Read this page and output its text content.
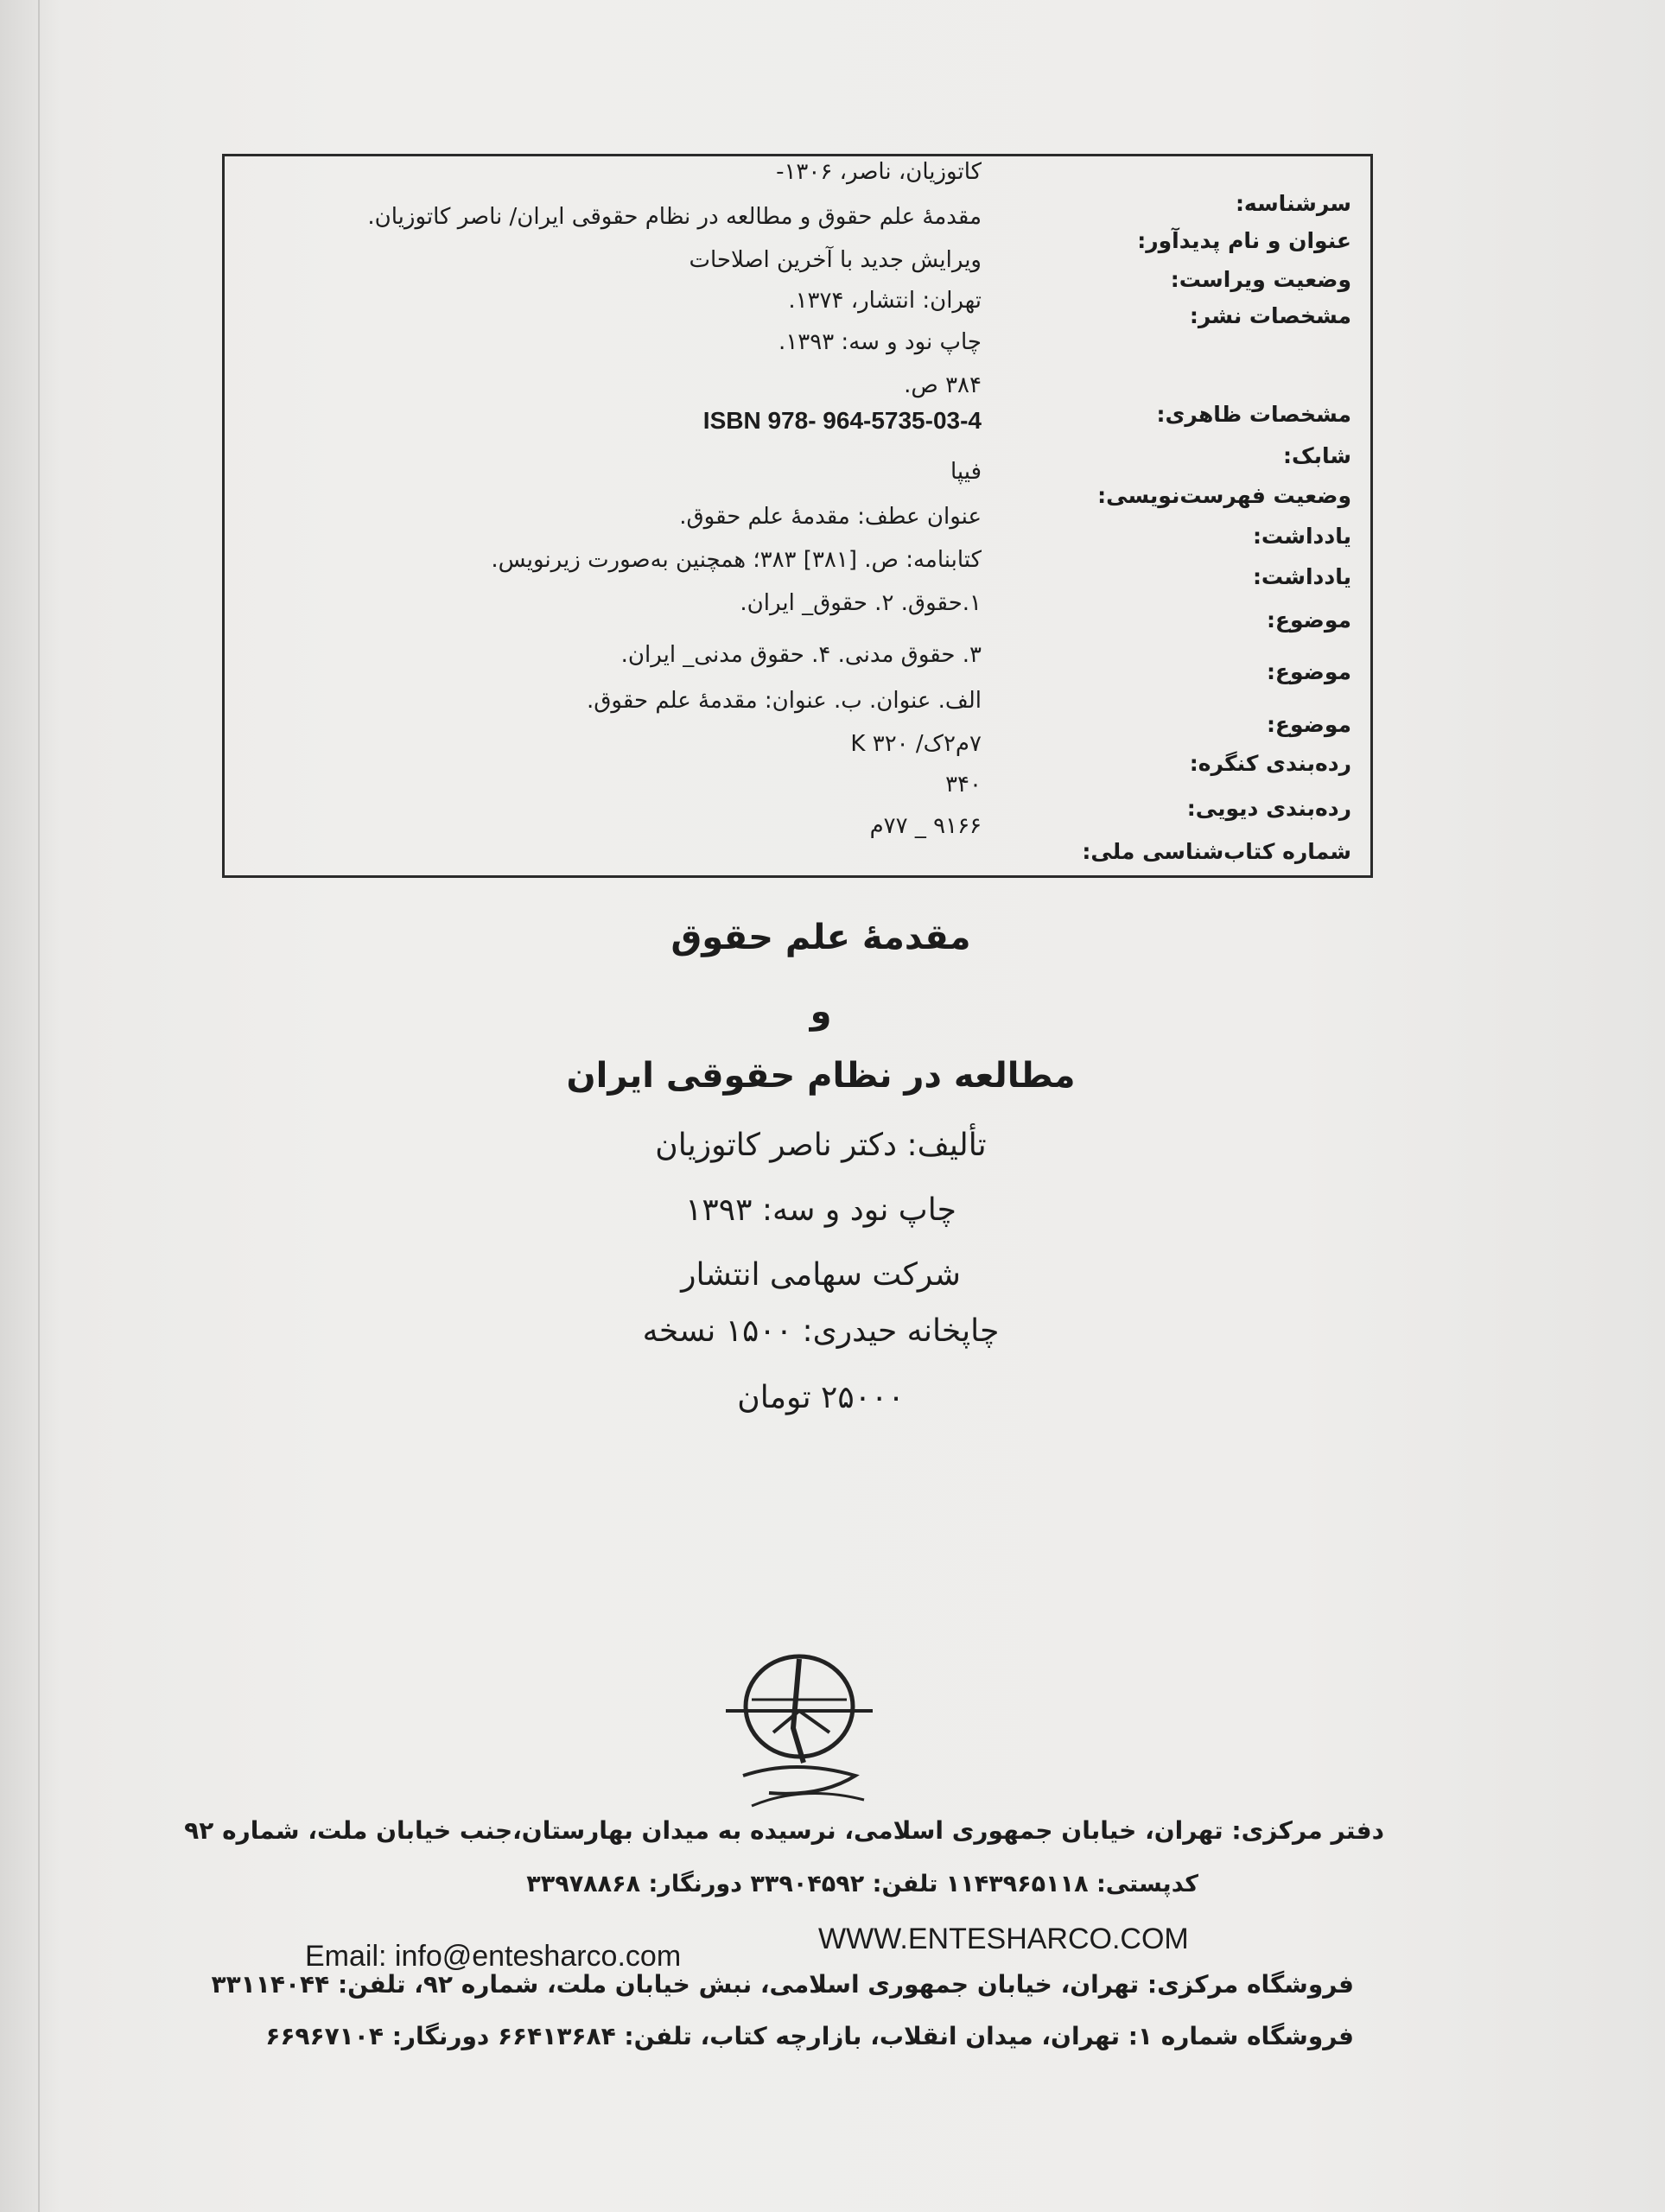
سرشناسه:
عنوان و نام پدیدآور:
وضعیت ویراست:
مشخصات نشر:
مشخصات ظاهری:
شابک:
وضعیت فهرست‌نویسی:
یادداشت:
یادداشت:
موضوع:
موضوع:
موضوع:
رده‌بندی کنگره:
رده‌بندی دیویی:
شماره کتاب‌شناسی ملی:
کاتوزیان، ناصر، ۱۳۰۶-
مقدمهٔ علم حقوق و مطالعه در نظام حقوقی ایران/ ناصر کاتوزیان.
ویرایش جدید با آخرین اصلاحات
تهران: انتشار، ۱۳۷۴.
چاپ نود و سه: ۱۳۹۳.
۳۸۴ ص.
ISBN 978- 964-5735-03-4
فیپا
عنوان عطف: مقدمهٔ علم حقوق.
کتابنامه: ص. [۳۸۱] ۳۸۳؛ همچنین به‌صورت زیرنویس.
۱.حقوق. ۲. حقوق_ ایران.
۳. حقوق مدنی. ۴. حقوق مدنی_ ایران.
الف. عنوان. ب. عنوان: مقدمهٔ علم حقوق.
۷م۲ک/ ۳۲۰ K
۳۴۰
۹۱۶۶ _ ۷۷م
مقدمهٔ علم حقوق
و
مطالعه در نظام حقوقی ایران
تألیف: دکتر ناصر کاتوزیان
چاپ نود و سه: ۱۳۹۳
شرکت سهامی انتشار
چاپخانه حیدری: ۱۵۰۰ نسخه
۲۵۰۰۰ تومان
دفتر مرکزی: تهران، خیابان جمهوری اسلامی، نرسیده به میدان بهارستان،جنب خیابان ملت، شماره ۹۲
کدپستی: ۱۱۴۳۹۶۵۱۱۸ تلفن: ۳۳۹۰۴۵۹۲ دورنگار: ۳۳۹۷۸۸۶۸
WWW.ENTESHARCO.COM
Email: info@entesharco.com
فروشگاه مرکزی: تهران، خیابان جمهوری اسلامی، نبش خیابان ملت، شماره ۹۲، تلفن: ۳۳۱۱۴۰۴۴
فروشگاه شماره ۱: تهران، میدان انقلاب، بازارچه کتاب، تلفن: ۶۶۴۱۳۶۸۴ دورنگار: ۶۶۹۶۷۱۰۴
